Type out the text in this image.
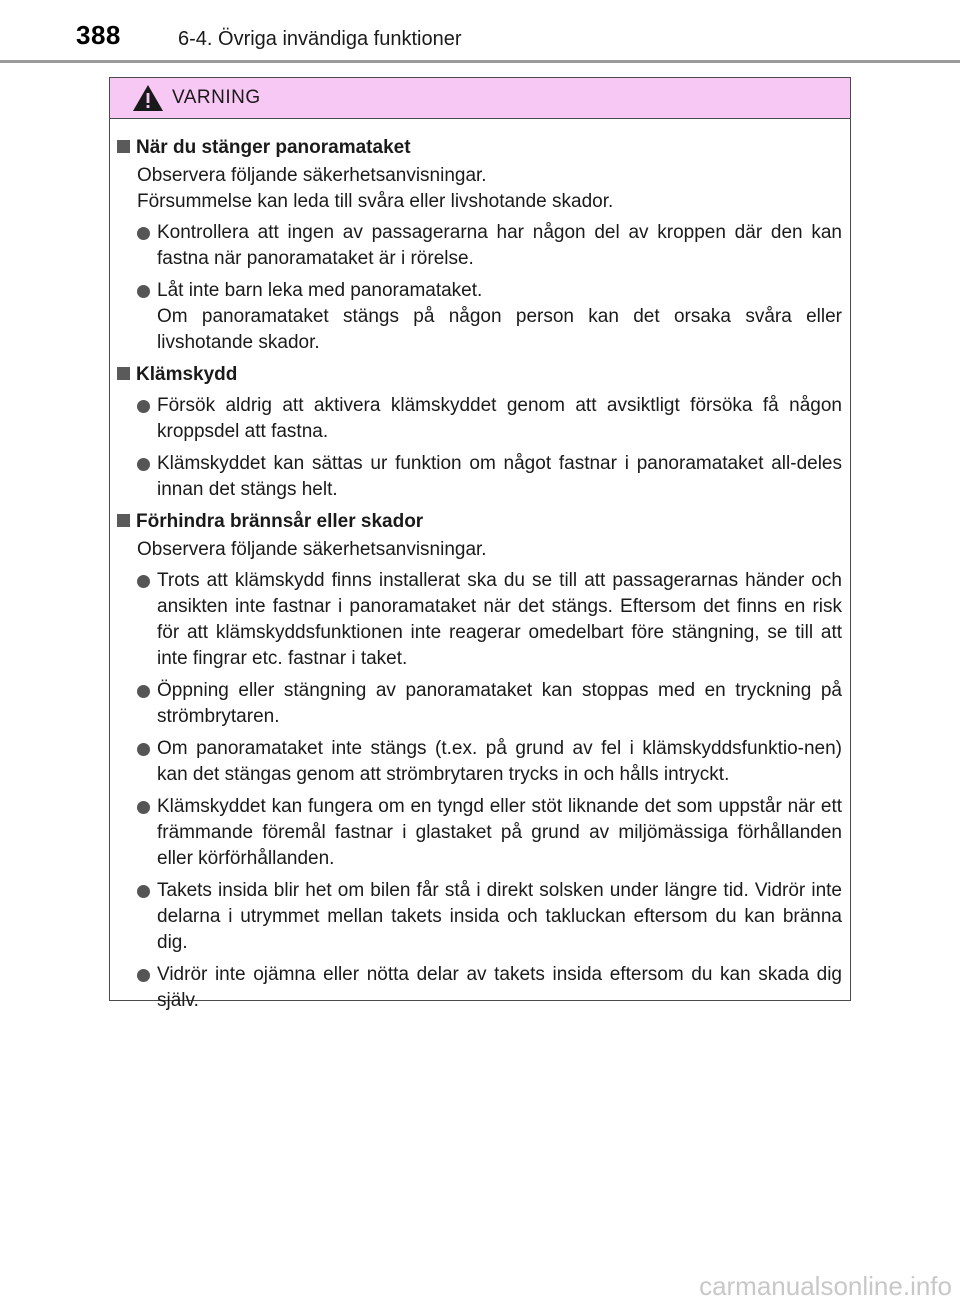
388	6-4. Övriga invändiga funktioner
VARNING
När du stänger panoramataket
Observera följande säkerhetsanvisningar.
Försummelse kan leda till svåra eller livshotande skador.

Kontrollera att ingen av passagerarna har någon del av kroppen där den kan fastna när panoramataket är i rörelse.

Låt inte barn leka med panoramataket.

Om panoramataket stängs på någon person kan det orsaka svåra eller livshotande skador.

Klämskydd

Försök aldrig att aktivera klämskyddet genom att avsiktligt försöka få någon kroppsdel att fastna.

Klämskyddet kan sättas ur funktion om något fastnar i panoramataket all-deles innan det stängs helt.

Förhindra brännsår eller skador
Observera följande säkerhetsanvisningar.

Trots att klämskydd finns installerat ska du se till att passagerarnas händer och ansikten inte fastnar i panoramataket när det stängs. Eftersom det finns en risk för att klämskyddsfunktionen inte reagerar omedelbart före stängning, se till att inte fingrar etc. fastnar i taket.

Öppning eller stängning av panoramataket kan stoppas med en tryckning på strömbrytaren.

Om panoramataket inte stängs (t.ex. på grund av fel i klämskyddsfunktio-nen) kan det stängas genom att strömbrytaren trycks in och hålls intryckt.

Klämskyddet kan fungera om en tyngd eller stöt liknande det som uppstår när ett främmande föremål fastnar i glastaket på grund av miljömässiga förhållanden eller körförhållanden.

Takets insida blir het om bilen får stå i direkt solsken under längre tid. Vidrör inte delarna i utrymmet mellan takets insida och takluckan eftersom du kan bränna dig.

Vidrör inte ojämna eller nötta delar av takets insida eftersom du kan skada dig själv.

carmanualsonline.info
